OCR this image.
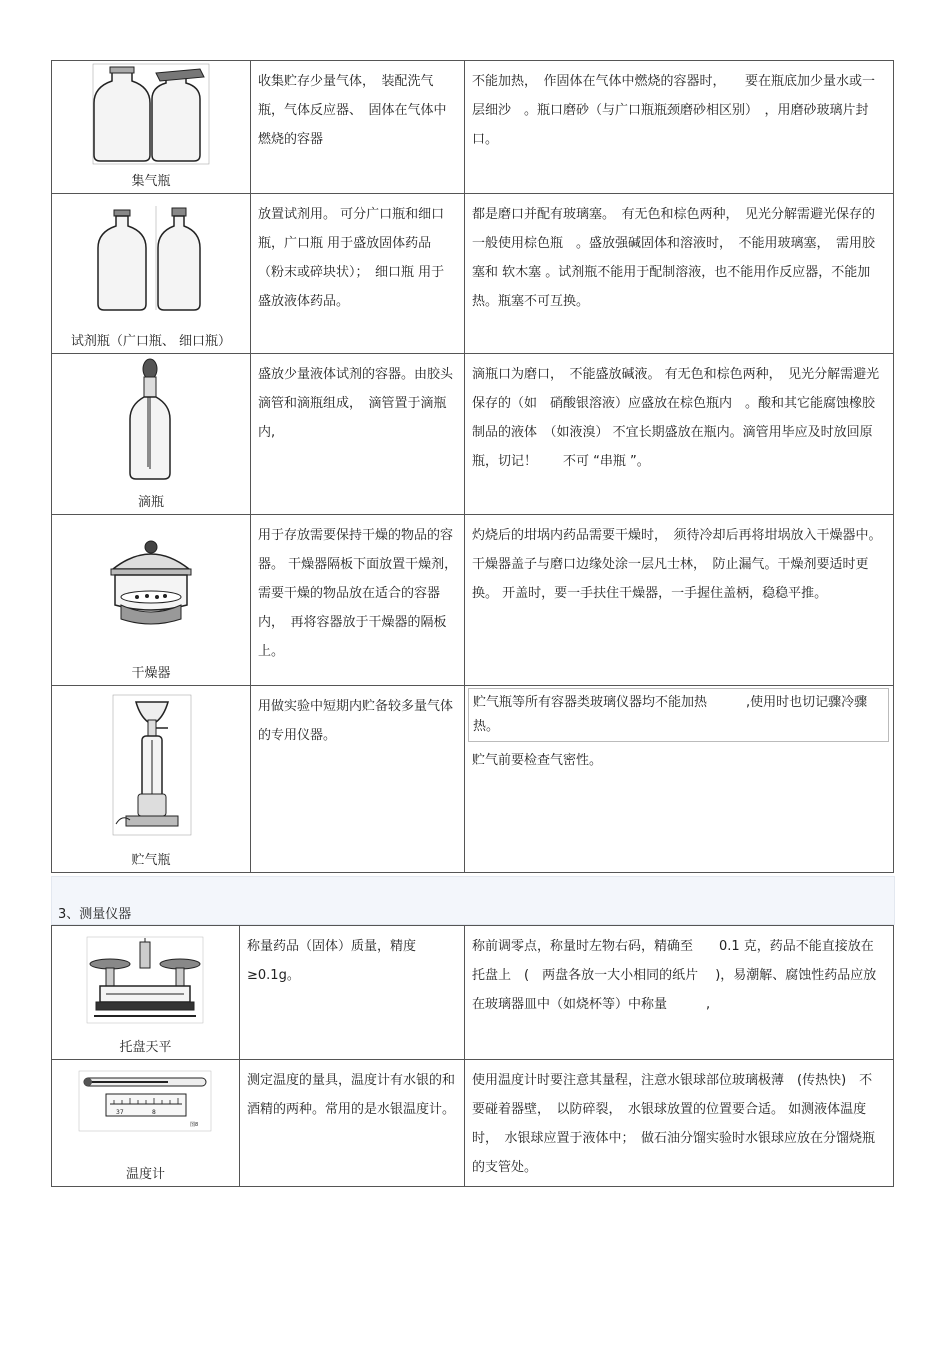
集气瓶	收集贮存少量气体，　装配洗气瓶，气体反应器、　固体在气体中燃烧的容器	不能加热，　作固体在气体中燃烧的容器时，　　要在瓶底加少量水或一层细沙　。瓶口磨砂（与广口瓶瓶颈磨砂相区别）　，用磨砂玻璃片封口。

试剂瓶（广口瓶、 细口瓶）	放置试剂用。 可分广口瓶和细口瓶，广口瓶 用于盛放固体药品（粉末或碎块状）；　细口瓶 用于盛放液体药品。	都是磨口并配有玻璃塞。　有无色和棕色两种，　见光分解需避光保存的一般使用棕色瓶　。盛放强碱固体和溶液时，　不能用玻璃塞，　需用胶塞和 软木塞 。试剂瓶不能用于配制溶液，也不能用作反应器，不能加热。瓶塞不可互换。

滴瓶	盛放少量液体试剂的容器。由胶头滴管和滴瓶组成，　滴管置于滴瓶内,	滴瓶口为磨口，　不能盛放碱液。 有无色和棕色两种，　见光分解需避光保存的（如　硝酸银溶液）应盛放在棕色瓶内　。酸和其它能腐蚀橡胶制品的液体　（如液溴） 不宜长期盛放在瓶内。滴管用毕应及时放回原瓶，切记！　　不可 “串瓶 ”。

干燥器	用于存放需要保持干燥的物品的容器。 干燥器隔板下面放置干燥剂，　需要干燥的物品放在适合的容器内，　再将容器放于干燥器的隔板上。	灼烧后的坩埚内药品需要干燥时，　须待冷却后再将坩埚放入干燥器中。 干燥器盖子与磨口边缘处涂一层凡士林，　防止漏气。干燥剂要适时更换。 开盖时，要一手扶住干燥器，一手握住盖柄，稳稳平推。

贮气瓶	用做实验中短期内贮备较多量气体的专用仪器。	贮气瓶等所有容器类玻璃仪器均不能加热　　　,使用时也切记骤冷骤热。

贮气前要检查气密性。

3、测量仪器
托盘天平	称量药品（固体）质量，精度 ≥0.1g。	称前调零点，称量时左物右码，精确至　　0.1 克，药品不能直接放在托盘上　(　两盘各放一大小相同的纸片　 )，易潮解、腐蚀性药品应放在玻璃器皿中（如烧杯等）中称量　　　,

37 8
图8
温度计	测定温度的量具，温度计有水银的和酒精的两种。常用的是水银温度计。	使用温度计时要注意其量程，注意水银球部位玻璃极薄　(传热快)　不要碰着器壁，　以防碎裂，　水银球放置的位置要合适。 如测液体温度时，　水银球应置于液体中；　做石油分馏实验时水银球应放在分馏烧瓶的支管处。
